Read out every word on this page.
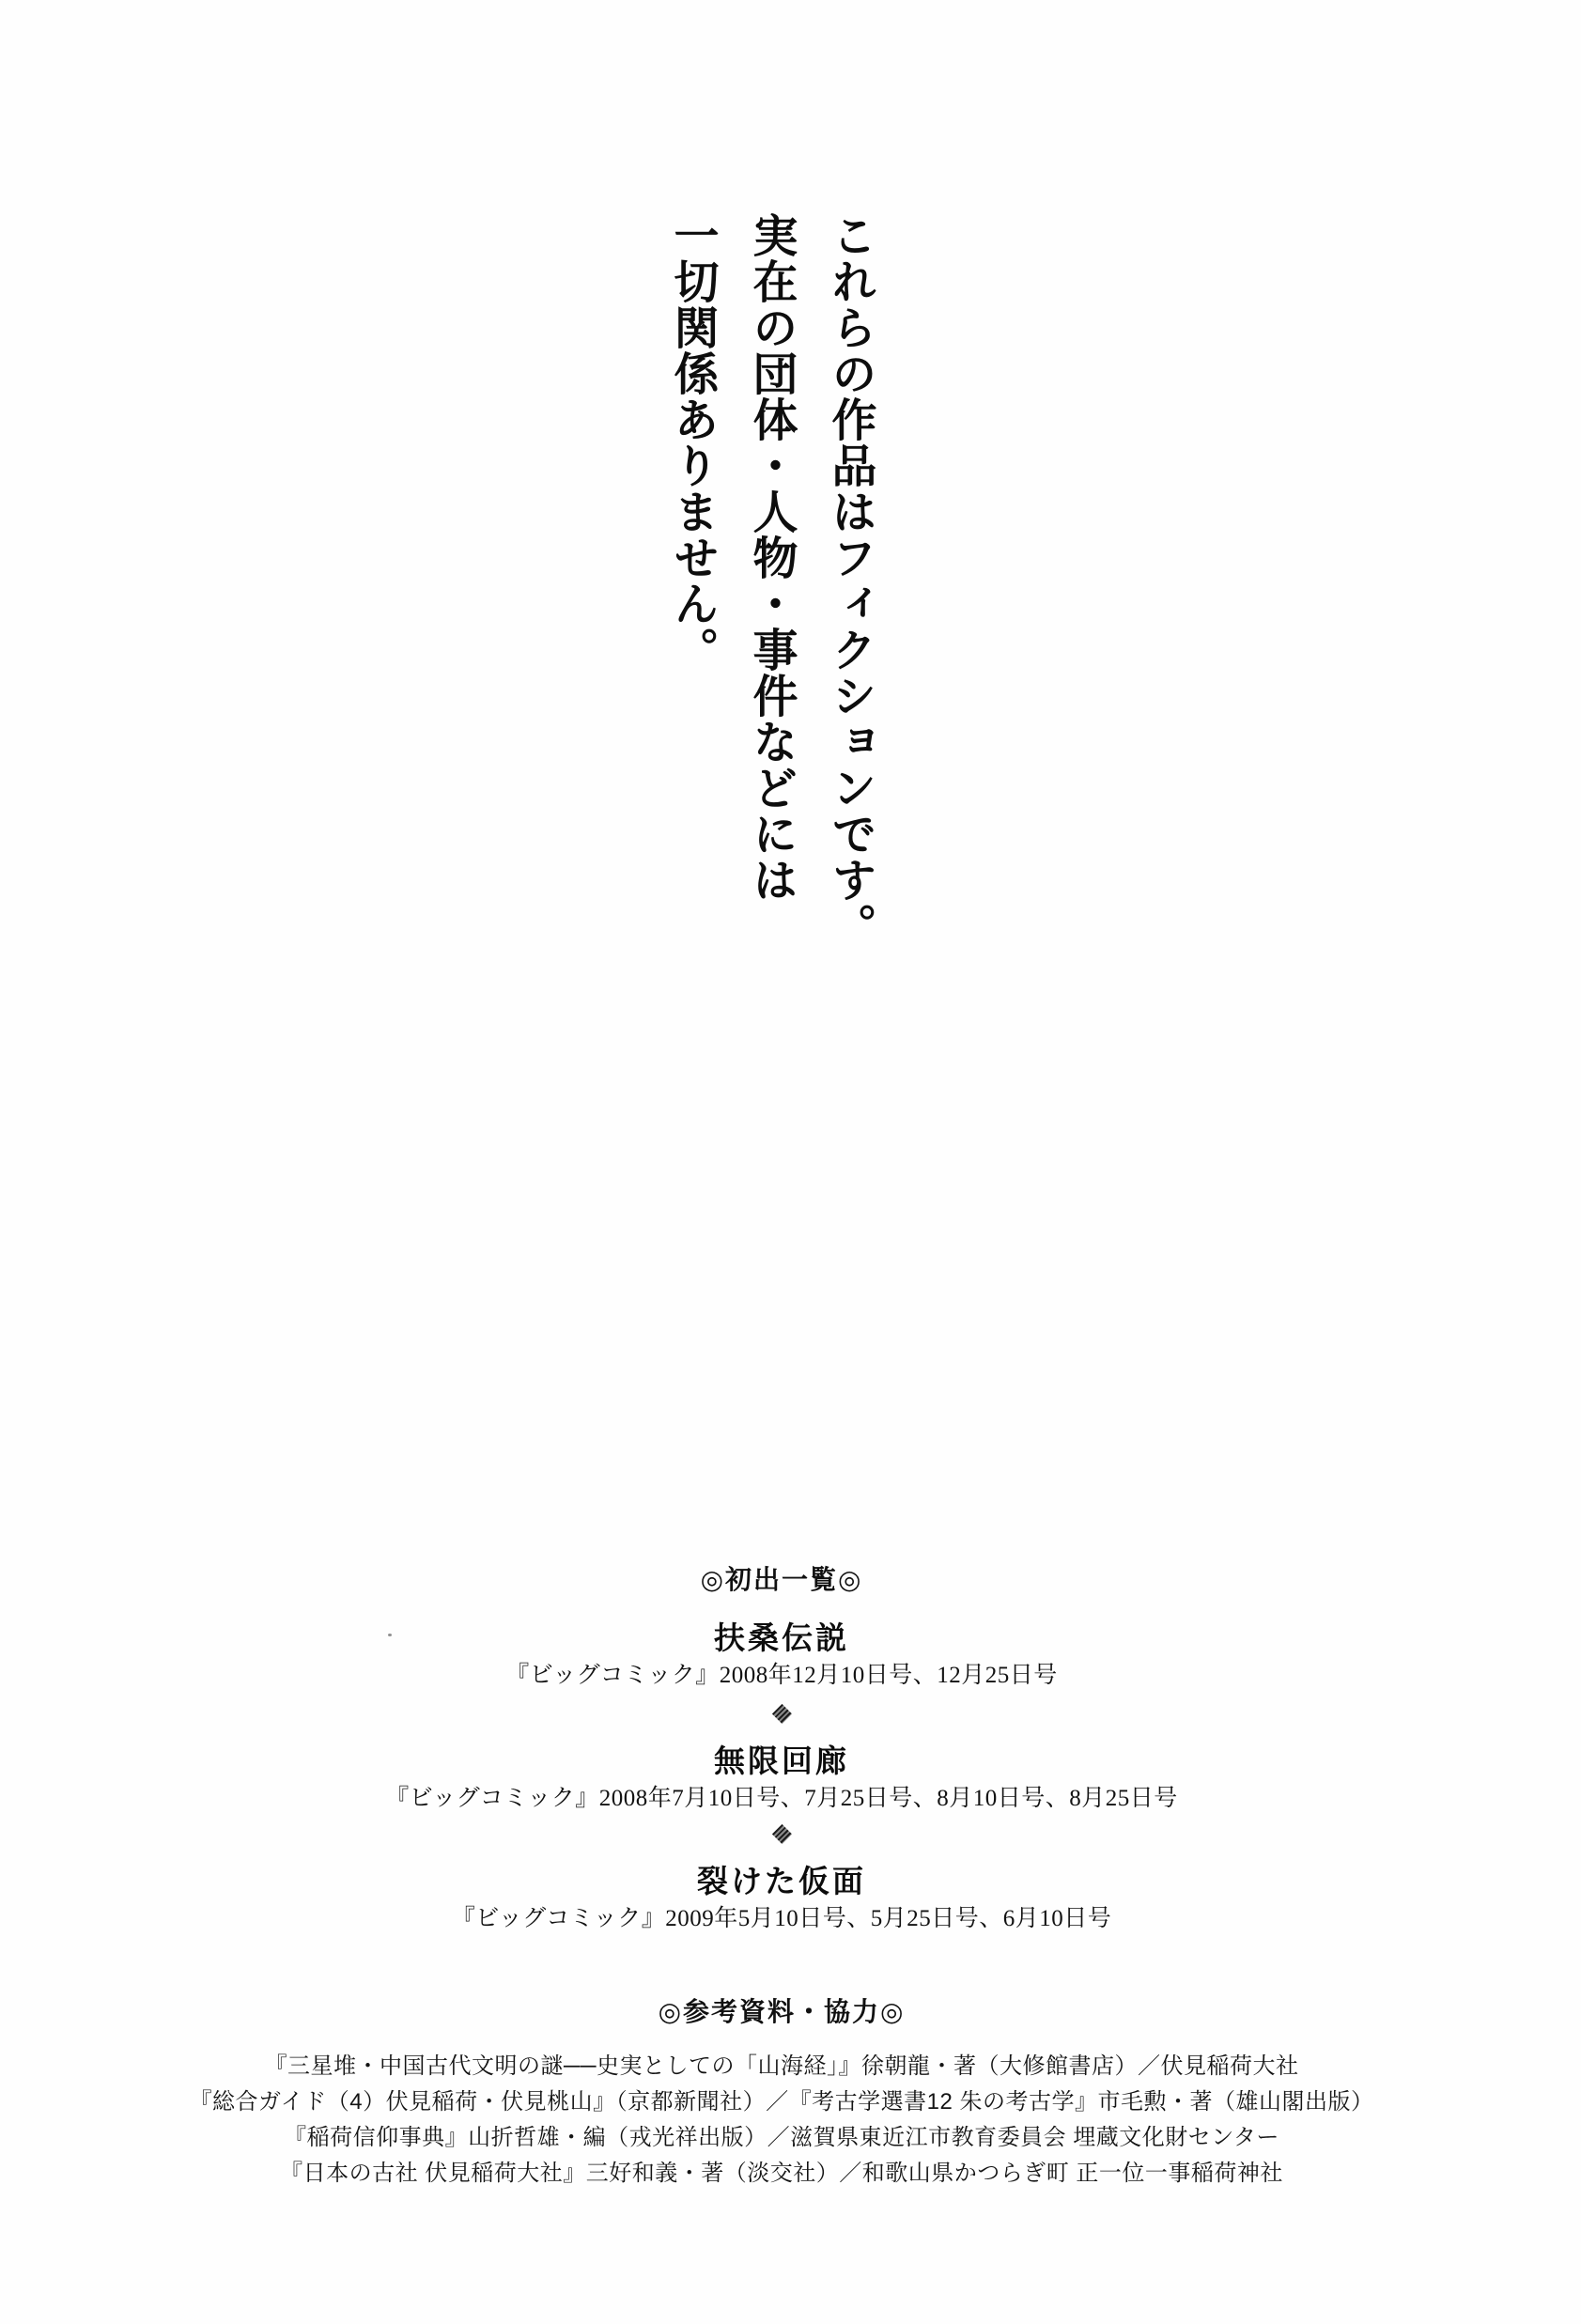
これらの作品はフィクションです。
実在の団体・人物・事件などには
一切関係ありません。
◎初出一覧◎
扶桑伝説
『ビッグコミック』2008年12月10日号、12月25日号
無限回廊
『ビッグコミック』2008年7月10日号、7月25日号、8月10日号、8月25日号
裂けた仮面
『ビッグコミック』2009年5月10日号、5月25日号、6月10日号
◎参考資料・協力◎
『三星堆・中国古代文明の謎──史実としての「山海経」』徐朝龍・著（大修館書店）／伏見稲荷大社
『総合ガイド（4）伏見稲荷・伏見桃山』（京都新聞社）／『考古学選書12 朱の考古学』市毛勲・著（雄山閣出版）
『稲荷信仰事典』山折哲雄・編（戎光祥出版）／滋賀県東近江市教育委員会 埋蔵文化財センター
『日本の古社 伏見稲荷大社』三好和義・著（淡交社）／和歌山県かつらぎ町 正一位一事稲荷神社
